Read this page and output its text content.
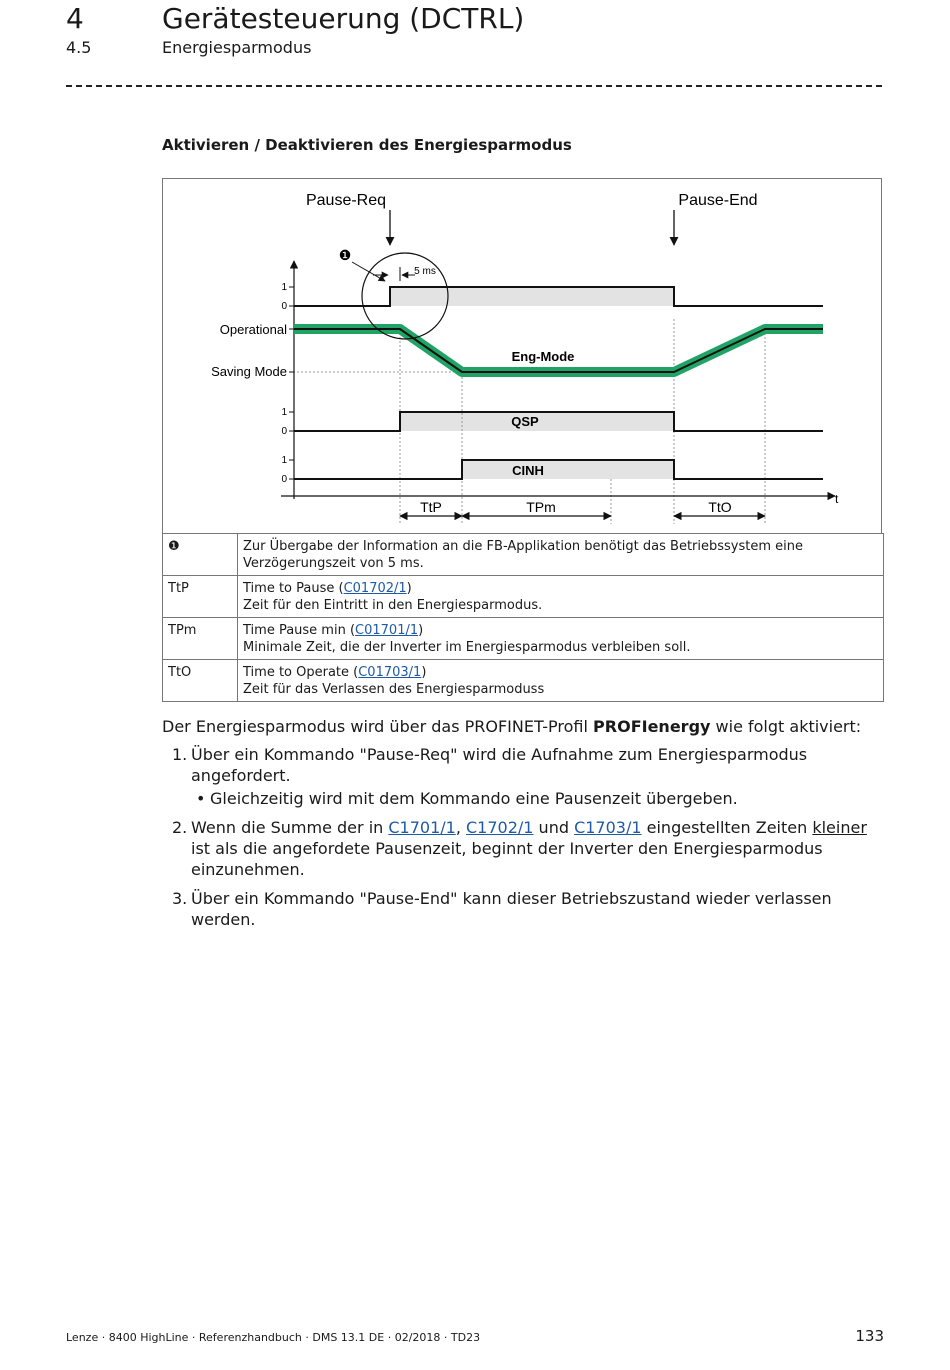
4	Gerätesteuerung (DCTRL)
4.5	Energiesparmodus
Aktivieren / Deaktivieren des Energiesparmodus
t
1
0
1
0
1
0
Operational
Saving Mode
Eng-Mode
QSP
CINH
Pause-Req	Pause-End
❶
5 ms
TtP	TPm	TtO
❶	Zur Übergabe der Information an die FB-Applikation benötigt das Betriebssystem eine Verzögerungszeit von 5 ms.
TtP	Time to Pause (C01702/1)
Zeit für den Eintritt in den Energiesparmodus.
TPm	Time Pause min (C01701/1)
Minimale Zeit, die der Inverter im Energiesparmodus verbleiben soll.
TtO	Time to Operate (C01703/1)
Zeit für das Verlassen des Energiesparmoduss
Der Energiesparmodus wird über das PROFINET-Profil PROFIenergy wie folgt aktiviert:
1. Über ein Kommando "Pause-Req" wird die Aufnahme zum Energiesparmodus angefordert.
• Gleichzeitig wird mit dem Kommando eine Pausenzeit übergeben.
2. Wenn die Summe der in C1701/1, C1702/1 und C1703/1 eingestellten Zeiten kleiner ist als die angefordete Pausenzeit, beginnt der Inverter den Energiesparmodus einzunehmen.
3. Über ein Kommando "Pause-End" kann dieser Betriebszustand wieder verlassen werden.
Lenze · 8400 HighLine · Referenzhandbuch · DMS 13.1 DE · 02/2018 · TD23	133
